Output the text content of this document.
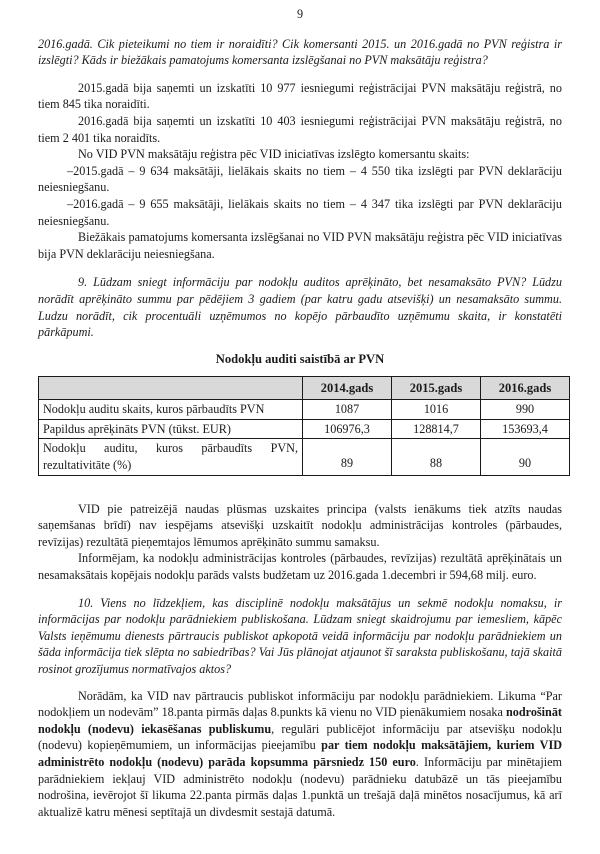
9

2016.gadā. Cik pieteikumi no tiem ir noraidīti? Cik komersanti 2015. un 2016.gadā no PVN reģistra ir izslēgti? Kāds ir biežākais pamatojums komersanta izslēgšanai no PVN maksātāju reģistra?

2015.gadā bija saņemti un izskatīti 10 977 iesniegumi reģistrācijai PVN maksātāju reģistrā, no tiem 845 tika noraidīti.

2016.gadā bija saņemti un izskatīti 10 403 iesniegumi reģistrācijai PVN maksātāju reģistrā, no tiem 2 401 tika noraidīts.

No VID PVN maksātāju reģistra pēc VID iniciatīvas izslēgto komersantu skaits:

–2015.gadā – 9 634 maksātāji, lielākais skaits no tiem – 4 550 tika izslēgti par PVN deklarāciju neiesniegšanu.

–2016.gadā – 9 655 maksātāji, lielākais skaits no tiem – 4 347 tika izslēgti par PVN deklarāciju neiesniegšanu.

Biežākais pamatojums komersanta izslēgšanai no VID PVN maksātāju reģistra pēc VID iniciatīvas bija PVN deklarāciju neiesniegšana.

9. Lūdzam sniegt informāciju par nodokļu auditos aprēķināto, bet nesamaksāto PVN? Lūdzu norādīt aprēķināto summu par pēdējiem 3 gadiem (par katru gadu atsevišķi) un nesamaksāto summu. Ludzu norādīt, cik procentuāli uzņēmumos no kopējo pārbaudīto uzņēmumu skaita, ir konstatēti pārkāpumi.

Nodokļu auditi saistībā ar PVN
	2014.gads	2015.gads	2016.gads
Nodokļu auditu skaits, kuros pārbaudīts PVN	1087	1016	990
Papildus aprēķināts PVN (tūkst. EUR)	106976,3	128814,7	153693,4
Nodokļu auditu, kuros pārbaudīts PVN, rezultativitāte (%)	89	88	90

VID pie patreizējā naudas plūsmas uzskaites principa (valsts ienākums tiek atzīts naudas saņemšanas brīdī) nav iespējams atsevišķi uzskaitīt nodokļu administrācijas kontroles (pārbaudes, revīzijas) rezultātā pieņemtajos lēmumos aprēķināto summu samaksu.

Informējam, ka nodokļu administrācijas kontroles (pārbaudes, revīzijas) rezultātā aprēķinātais un nesamaksātais kopējais nodokļu parāds valsts budžetam uz 2016.gada 1.decembri ir 594,68 milj. euro.

10. Viens no līdzekļiem, kas disciplinē nodokļu maksātājus un sekmē nodokļu nomaksu, ir informācijas par nodokļu parādniekiem publiskošana. Lūdzam sniegt skaidrojumu par iemesliem, kāpēc Valsts ieņēmumu dienests pārtraucis publiskot apkopotā veidā informāciju par nodokļu parādniekiem un šāda informācija tiek slēpta no sabiedrības? Vai Jūs plānojat atjaunot šī saraksta publiskošanu, tajā skaitā rosinot grozījumus normatīvajos aktos?

Norādām, ka VID nav pārtraucis publiskot informāciju par nodokļu parādniekiem. Likuma “Par nodokļiem un nodevām” 18.panta pirmās daļas 8.punkts kā vienu no VID pienākumiem nosaka nodrošināt nodokļu (nodevu) iekasēšanas publiskumu, regulāri publicējot informāciju par atsevišķu nodokļu (nodevu) kopieņēmumiem, un informācijas pieejamību par tiem nodokļu maksātājiem, kuriem VID administrēto nodokļu (nodevu) parāda kopsumma pārsniedz 150 euro. Informāciju par minētajiem parādniekiem iekļauj VID administrēto nodokļu (nodevu) parādnieku datubāzē un tās pieejamību nodrošina, ievērojot šī likuma 22.panta pirmās daļas 1.punktā un trešajā daļā minētos nosacījumus, kā arī aktualizē katru mēnesi septītajā un divdesmit sestajā datumā.
